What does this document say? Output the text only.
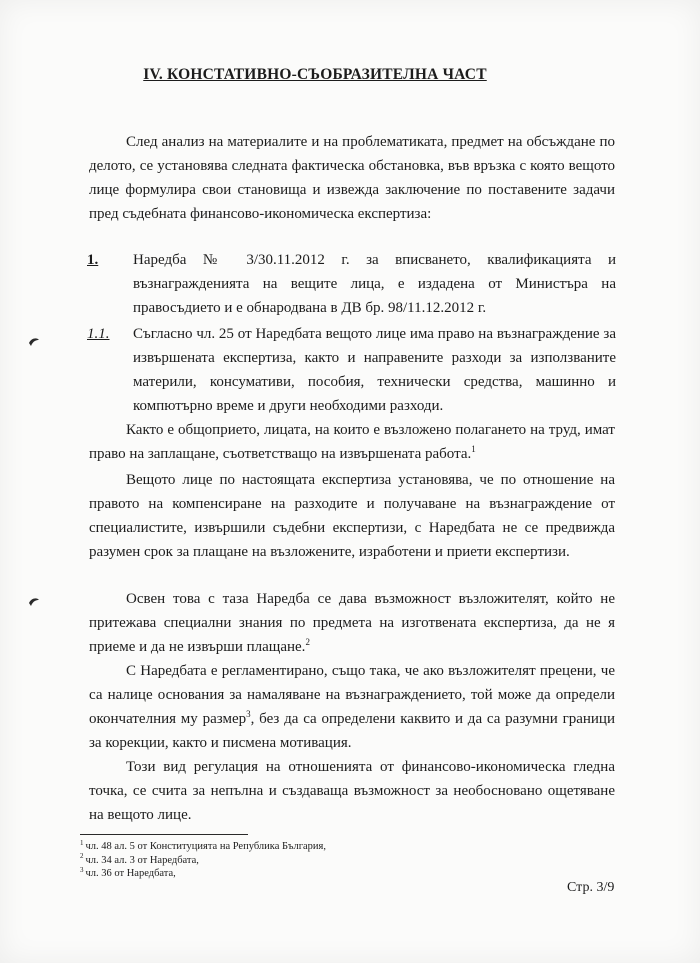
IV. КОНСТАТИВНО-СЪОБРАЗИТЕЛНА ЧАСТ
След анализ на материалите и на проблематиката, предмет на обсъждане по делото, се установява следната фактическа обстановка, във връзка с която вещото лице формулира свои становища и извежда заключение по поставените задачи пред съдебната финансово-икономическа експертиза:
1. Наредба № 3/30.11.2012 г. за вписването, квалификацията и възнагражденията на вещите лица, е издадена от Министъра на правосъдието и е обнародвана в ДВ бр. 98/11.12.2012 г.
1.1. Съгласно чл. 25 от Наредбата вещото лице има право на възнаграждение за извършената експертиза, както и направените разходи за използваните материли, консумативи, пособия, технически средства, машинно и компютърно време и други необходими разходи.
Както е общоприето, лицата, на които е възложено полагането на труд, имат право на заплащане, съответстващо на извършената работа.$^1$
Вещото лице по настоящата експертиза установява, че по отношение на правото на компенсиране на разходите и получаване на възнаграждение от специалистите, извършили съдебни експертизи, с Наредбата не се предвижда разумен срок за плащане на възложените, изработени и приети експертизи.
Освен това с таза Наредба се дава възможност възложителят, който не притежава специални знания по предмета на изготвената експертиза, да не я приеме и да не извърши плащане.$^2$
С Наредбата е регламентирано, също така, че ако възложителят прецени, че са налице основания за намаляване на възнаграждението, той може да определи окончателния му размер$^3$, без да са определени каквито и да са разумни граници за корекции, както и писмена мотивация.
Този вид регулация на отношенията от финансово-икономическа гледна точка, се счита за непълна и създаваща възможност за необосновано ощетяване на вещото лице.
$^1$ чл. 48 ал. 5 от Конституцията на Република България,
$^2$ чл. 34 ал. 3 от Наредбата,
$^3$ чл. 36 от Наредбата,
Стр. 3/9
